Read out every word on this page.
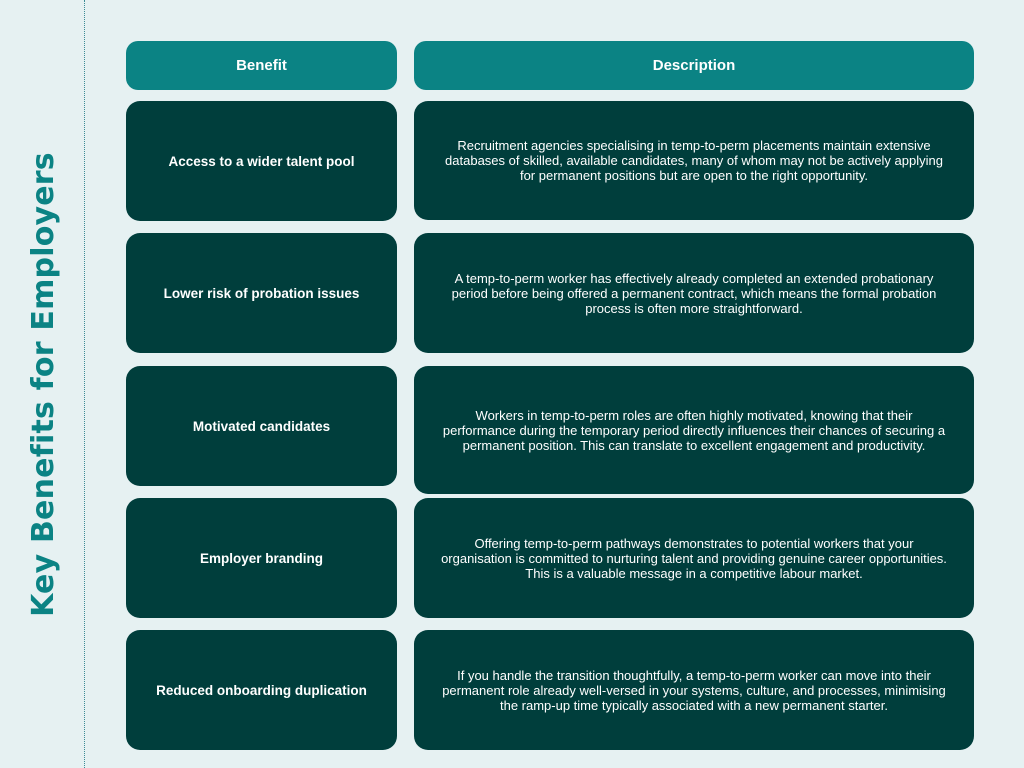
Key Benefits for Employers
Benefit	Description
Access to a wider talent pool
Recruitment agencies specialising in temp-to-perm placements maintain extensive databases of skilled, available candidates, many of whom may not be actively applying for permanent positions but are open to the right opportunity.
Lower risk of probation issues
A temp-to-perm worker has effectively already completed an extended probationary period before being offered a permanent contract, which means the formal probation process is often more straightforward.
Motivated candidates
Workers in temp-to-perm roles are often highly motivated, knowing that their performance during the temporary period directly influences their chances of securing a permanent position. This can translate to excellent engagement and productivity.
Employer branding
Offering temp-to-perm pathways demonstrates to potential workers that your organisation is committed to nurturing talent and providing genuine career opportunities. This is a valuable message in a competitive labour market.
Reduced onboarding duplication
If you handle the transition thoughtfully, a temp-to-perm worker can move into their permanent role already well-versed in your systems, culture, and processes, minimising the ramp-up time typically associated with a new permanent starter.
